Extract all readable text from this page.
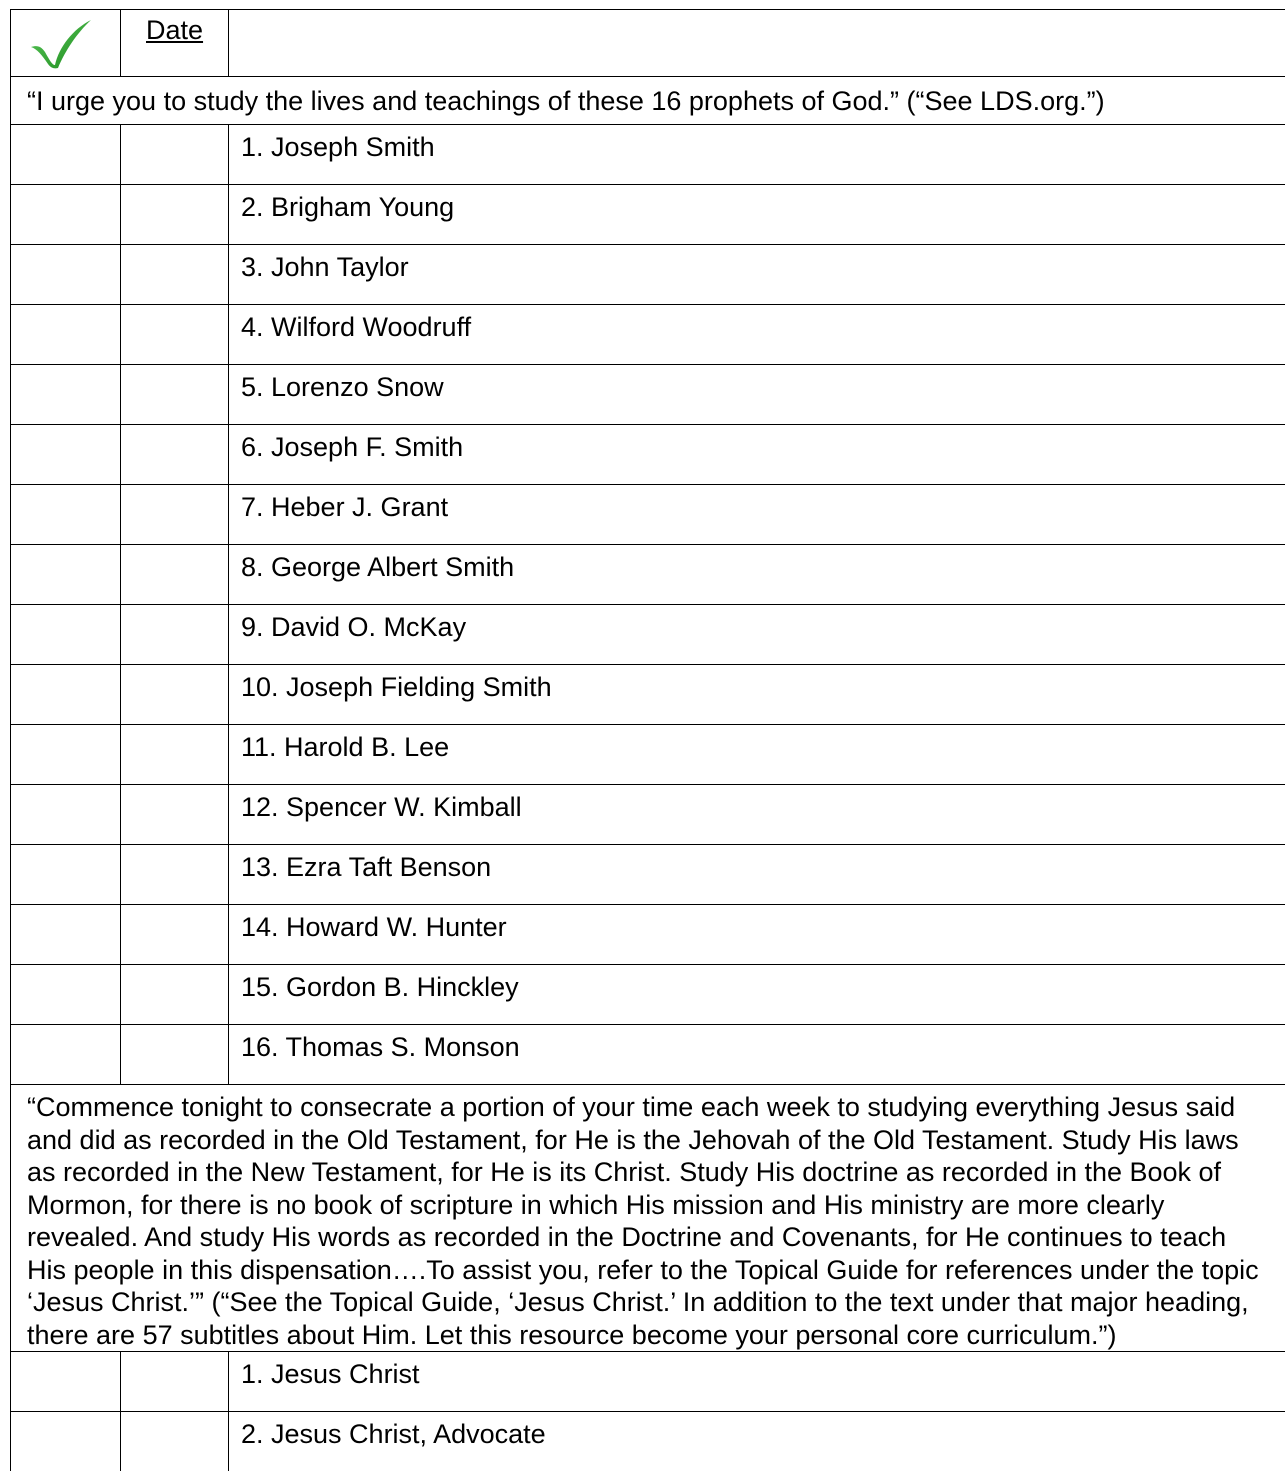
	Date	
“I urge you to study the lives and teachings of these 16 prophets of God.” (“See LDS.org.”)		
		1. Joseph Smith
		2. Brigham Young
		3. John Taylor
		4. Wilford Woodruff
		5. Lorenzo Snow
		6. Joseph F. Smith
		7. Heber J. Grant
		8. George Albert Smith
		9. David O. McKay
		10. Joseph Fielding Smith
		11. Harold B. Lee
		12. Spencer W. Kimball
		13. Ezra Taft Benson
		14. Howard W. Hunter
		15. Gordon B. Hinckley
		16. Thomas S. Monson
“Commence tonight to consecrate a portion of your time each week to studying everything Jesus said and did as recorded in the Old Testament, for He is the Jehovah of the Old Testament. Study His laws as recorded in the New Testament, for He is its Christ. Study His doctrine as recorded in the Book of Mormon, for there is no book of scripture in which His mission and His ministry are more clearly revealed. And study His words as recorded in the Doctrine and Covenants, for He continues to teach His people in this dispensation….To assist you, refer to the Topical Guide for references under the topic ‘Jesus Christ.’” (“See the Topical Guide, ‘Jesus Christ.’ In addition to the text under that major heading, there are 57 subtitles about Him. Let this resource become your personal core curriculum.”)		
		1. Jesus Christ
		2. Jesus Christ, Advocate
